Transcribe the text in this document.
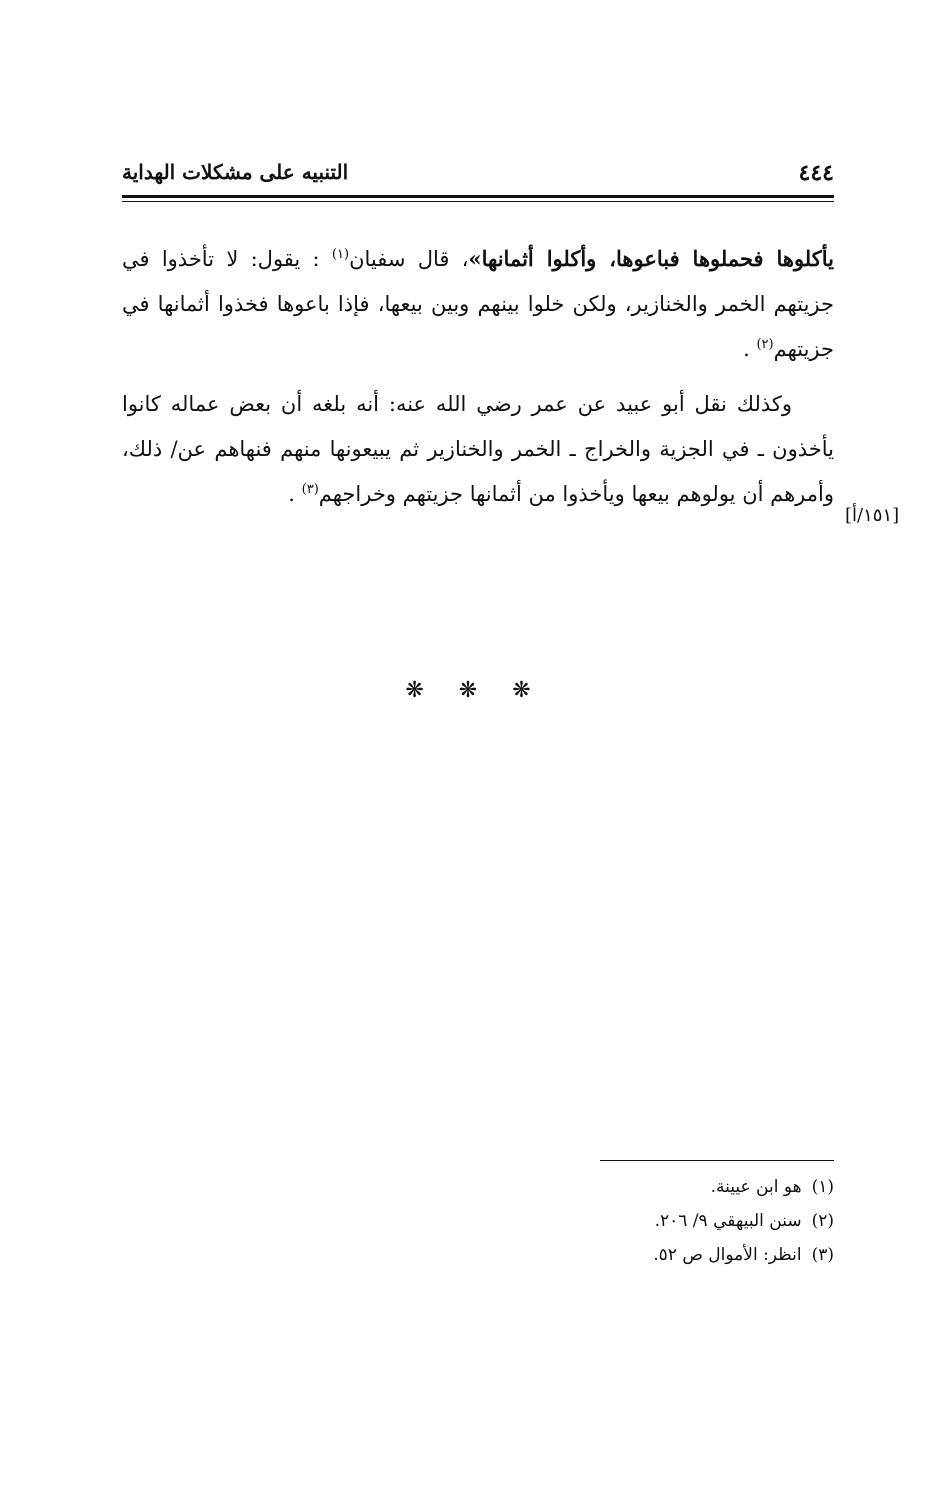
٤٤٤
التنبيه على مشكلات الهداية

يأكلوها فحملوها فباعوها، وأكلوا أثمانها»، قال سفيان$^{(١)}$ : يقول: لا تأخذوا في جزيتهم الخمر والخنازير، ولكن خلوا بينهم وبين بيعها، فإذا باعوها فخذوا أثمانها في جزيتهم$^{(٢)}$ .

وكذلك نقل أبو عبيد عن عمر رضي الله عنه: أنه بلغه أن بعض عماله كانوا يأخذون ـ في الجزية والخراج ـ الخمر والخنازير ثم يبيعونها منهم فنهاهم عن/ ذلك، وأمرهم أن يولوهم بيعها ويأخذوا من أثمانها جزيتهم وخراجهم$^{(٣)}$ .

[١٥١/أ]
❋ ❋ ❋
(١)هو ابن عيينة.
(٢)سنن البيهقي ٩/ ٢٠٦.
(٣)انظر: الأموال ص ٥٢.
